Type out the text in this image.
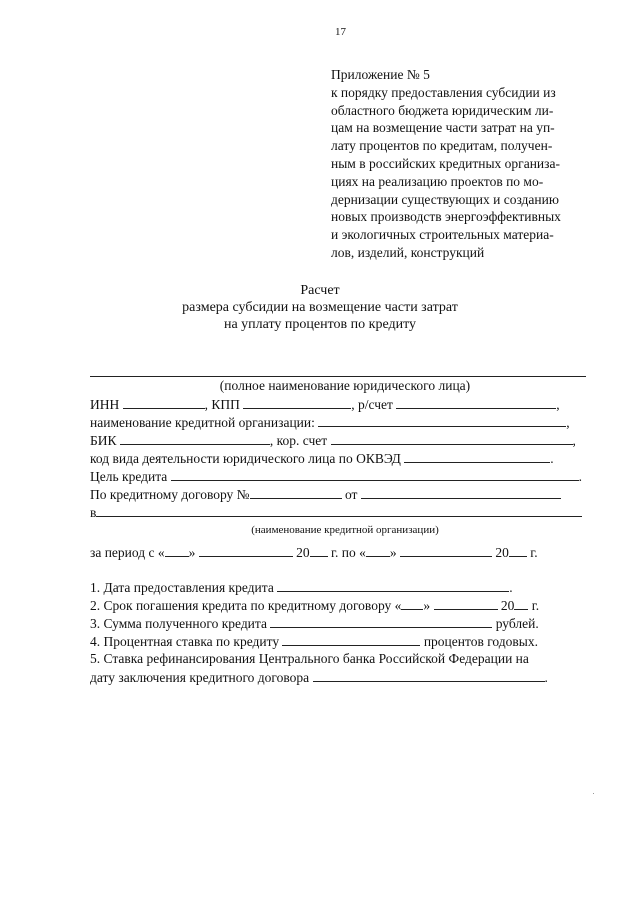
17
Приложение № 5
к порядку предоставления субсидии из
областного бюджета юридическим ли-
цам на возмещение части затрат на уп-
лату процентов по кредитам, получен-
ным в российских кредитных организа-
циях на реализацию проектов по мо-
дернизации существующих и созданию
новых производств энергоэффективных
и экологичных строительных материа-
лов, изделий, конструкций
Расчет
размера субсидии на возмещение части затрат
на уплату процентов по кредиту
(полное наименование юридического лица)
ИНН	, КПП	, р/счет	,
наименование кредитной организации:	,
БИК	, кор. счет	,
код вида деятельности юридического лица по ОКВЭД	.
Цель кредита	.
По кредитному договору №	от
в
(наименование кредитной организации)
за период с « »	20 г. по « »	20 г.
1. Дата предоставления кредита	.
2. Срок погашения кредита по кредитному договору « »	20 г.
3. Сумма полученного кредита	рублей.
4. Процентная ставка по кредиту	процентов годовых.
5. Ставка рефинансирования Центрального банка Российской Федерации на
дату заключения кредитного договора	.
